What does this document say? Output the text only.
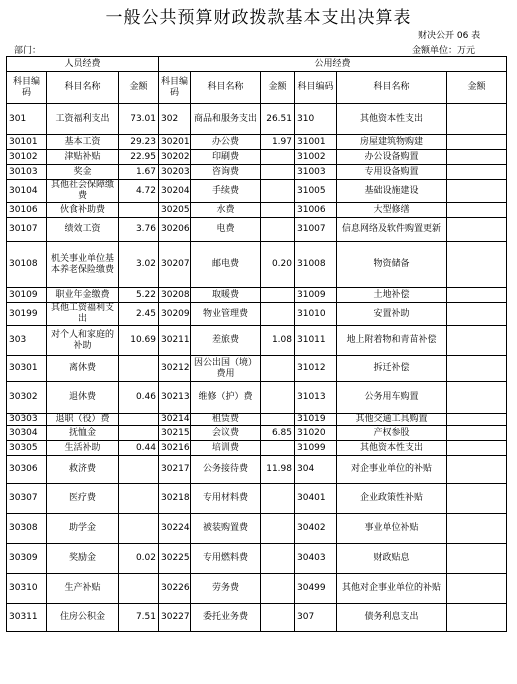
一般公共预算财政拨款基本支出决算表
财决公开 06 表
部门：	金额单位：万元
人员经费			公用经费					
科目编码	科目名称	金额	科目编码	科目名称	金额	科目编码	科目名称	金额
301	工资福利支出	73.01	302	商品和服务支出	26.51	310	其他资本性支出	
30101	基本工资	29.23	30201	办公费	1.97	31001	房屋建筑物购建	
30102	津贴补贴	22.95	30202	印刷费		31002	办公设备购置	
30103	奖金	1.67	30203	咨询费		31003	专用设备购置	
30104	其他社会保障缴费	4.72	30204	手续费		31005	基础设施建设	
30106	伙食补助费		30205	水费		31006	大型修缮	
30107	绩效工资	3.76	30206	电费		31007	信息网络及软件购置更新	
30108	机关事业单位基本养老保险缴费	3.02	30207	邮电费	0.20	31008	物资储备	
30109	职业年金缴费	5.22	30208	取暖费		31009	土地补偿	
30199	其他工资福利支出	2.45	30209	物业管理费		31010	安置补助	
303	对个人和家庭的补助	10.69	30211	差旅费	1.08	31011	地上附着物和青苗补偿	
30301	离休费		30212	因公出国（境）费用		31012	拆迁补偿	
30302	退休费	0.46	30213	维修（护）费		31013	公务用车购置	
30303	退职（役）费		30214	租赁费		31019	其他交通工具购置	
30304	抚恤金		30215	会议费	6.85	31020	产权参股	
30305	生活补助	0.44	30216	培训费		31099	其他资本性支出	
30306	救济费		30217	公务接待费	11.98	304	对企事业单位的补贴	
30307	医疗费		30218	专用材料费		30401	企业政策性补贴	
30308	助学金		30224	被装购置费		30402	事业单位补贴	
30309	奖励金	0.02	30225	专用燃料费		30403	财政贴息	
30310	生产补贴		30226	劳务费		30499	其他对企事业单位的补贴	
30311	住房公积金	7.51	30227	委托业务费		307	债务利息支出	
